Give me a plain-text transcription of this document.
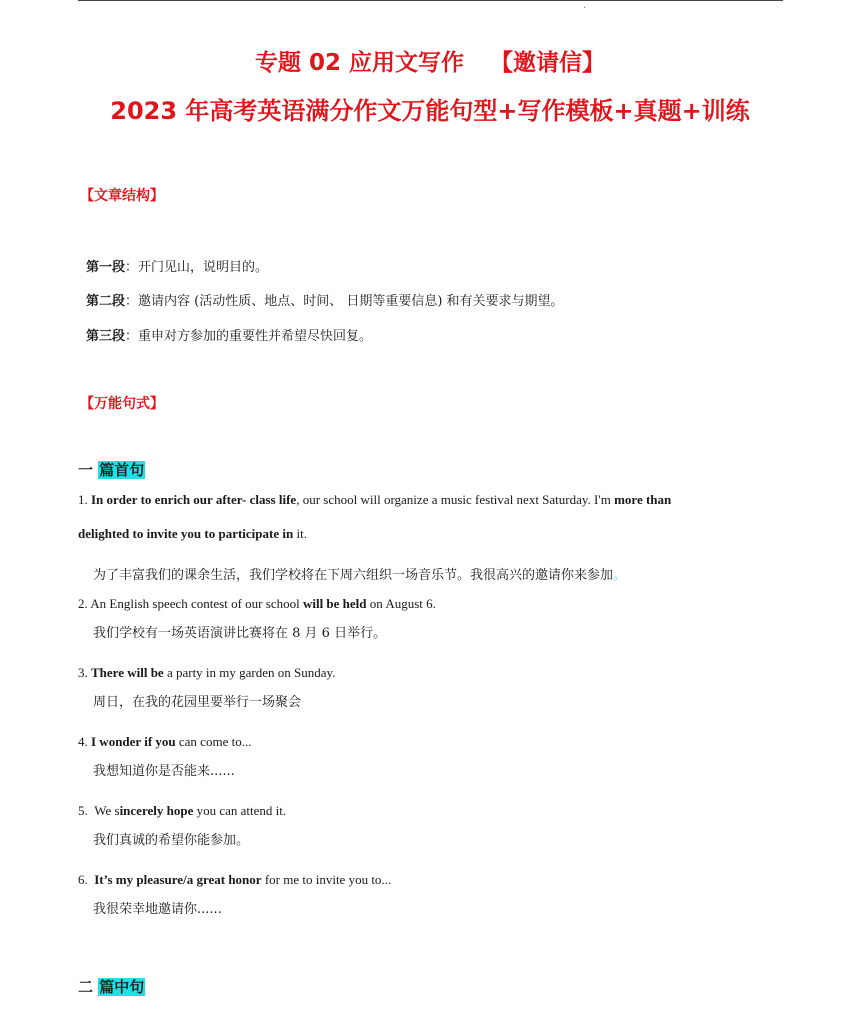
·
专题 02 应用文写作 【邀请信】
2023 年高考英语满分作文万能句型+写作模板+真题+训练
【文章结构】
第一段：开门见山，说明目的。
第二段：邀请内容 (活动性质、地点、时间、 日期等重要信息) 和有关要求与期望。
第三段：重申对方参加的重要性并希望尽快回复。
【万能句式】
一 篇首句
1. In order to enrich our after- class life, our school will organize a music festival next Saturday. I'm more than
delighted to invite you to participate in it.
为了丰富我们的课余生活，我们学校将在下周六组织一场音乐节。我很高兴的邀请你来参加。
2. An English speech contest of our school will be held on August 6.
我们学校有一场英语演讲比赛将在 8 月 6 日举行。
3. There will be a party in my garden on Sunday.
周日，在我的花园里要举行一场聚会
4. I wonder if you can come to...
我想知道你是否能来......
5. We sincerely hope you can attend it.
我们真诚的希望你能参加。
6. It’s my pleasure/a great honor for me to invite you to...
我很荣幸地邀请你......
二 篇中句
